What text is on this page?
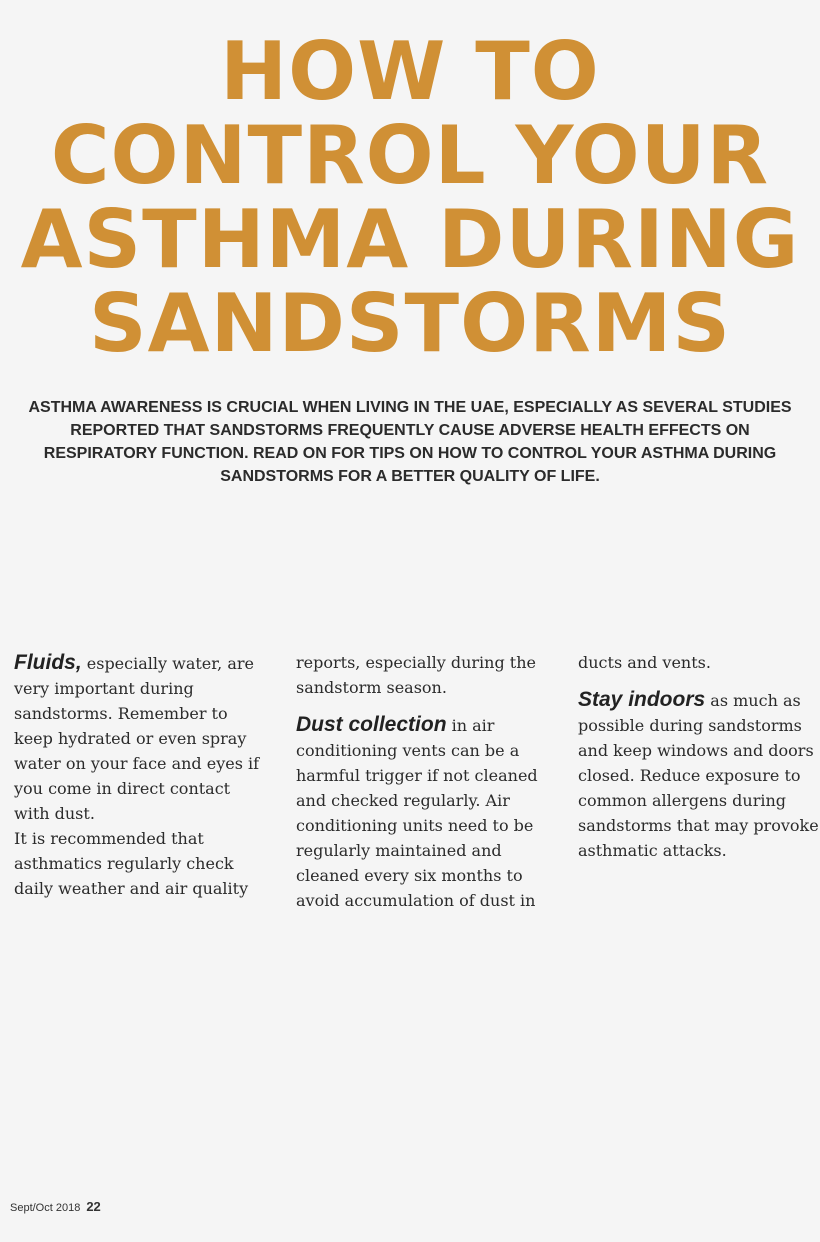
HOW TO
CONTROL YOUR
ASTHMA DURING
SANDSTORMS

ASTHMA AWARENESS IS CRUCIAL WHEN LIVING IN THE UAE, ESPECIALLY AS SEVERAL STUDIES REPORTED THAT SANDSTORMS FREQUENTLY CAUSE ADVERSE HEALTH EFFECTS ON RESPIRATORY FUNCTION. READ ON FOR TIPS ON HOW TO CONTROL YOUR ASTHMA DURING SANDSTORMS FOR A BETTER QUALITY OF LIFE.

Fluids, especially water, are very important during sandstorms. Remember to keep hydrated or even spray water on your face and eyes if you come in direct contact with dust.

It is recommended that asthmatics regularly check daily weather and air quality

reports, especially during the sandstorm season.

Dust collection in air conditioning vents can be a harmful trigger if not cleaned and checked regularly. Air conditioning units need to be regularly maintained and cleaned every six months to avoid accumulation of dust in

ducts and vents.

Stay indoors as much as possible during sandstorms and keep windows and doors closed. Reduce exposure to common allergens during sandstorms that may provoke asthmatic attacks.

Sept/Oct 2018 22
